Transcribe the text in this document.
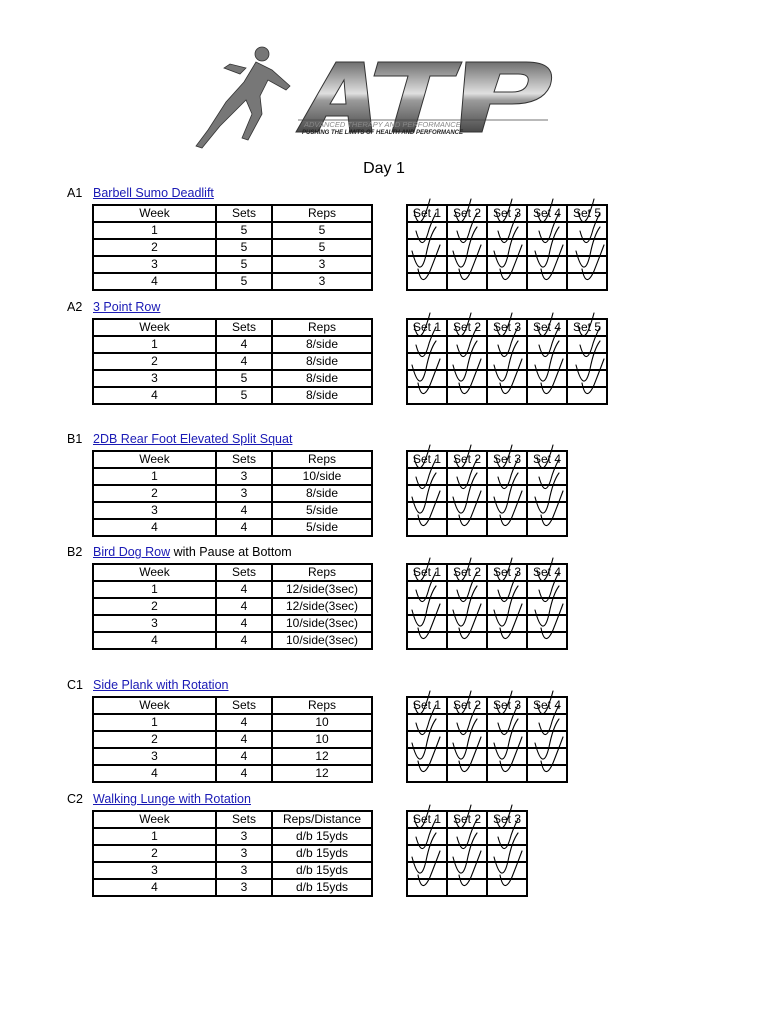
ADVANCED THERAPY AND PERFORMANCE
PUSHING THE LIMITS OF HEALTH AND PERFORMANCE
Day 1
A1 Barbell Sumo Deadlift
Week	Sets	Reps
1	5	5
2	5	5
3	5	3
4	5	3
Set 1	Set 2	Set 3	Set 4	Set 5

A2 3 Point Row
Week	Sets	Reps
1	4	8/side
2	4	8/side
3	5	8/side
4	5	8/side
Set 1	Set 2	Set 3	Set 4	Set 5

B1 2DB Rear Foot Elevated Split Squat
Week	Sets	Reps
1	3	10/side
2	3	8/side
3	4	5/side
4	4	5/side
Set 1	Set 2	Set 3	Set 4

B2 Bird Dog Row with Pause at Bottom
Week	Sets	Reps
1	4	12/side(3sec)
2	4	12/side(3sec)
3	4	10/side(3sec)
4	4	10/side(3sec)
Set 1	Set 2	Set 3	Set 4

C1 Side Plank with Rotation
Week	Sets	Reps
1	4	10
2	4	10
3	4	12
4	4	12
Set 1	Set 2	Set 3	Set 4

C2 Walking Lunge with Rotation
Week	Sets	Reps/Distance
1	3	d/b 15yds
2	3	d/b 15yds
3	3	d/b 15yds
4	3	d/b 15yds
Set 1	Set 2	Set 3
